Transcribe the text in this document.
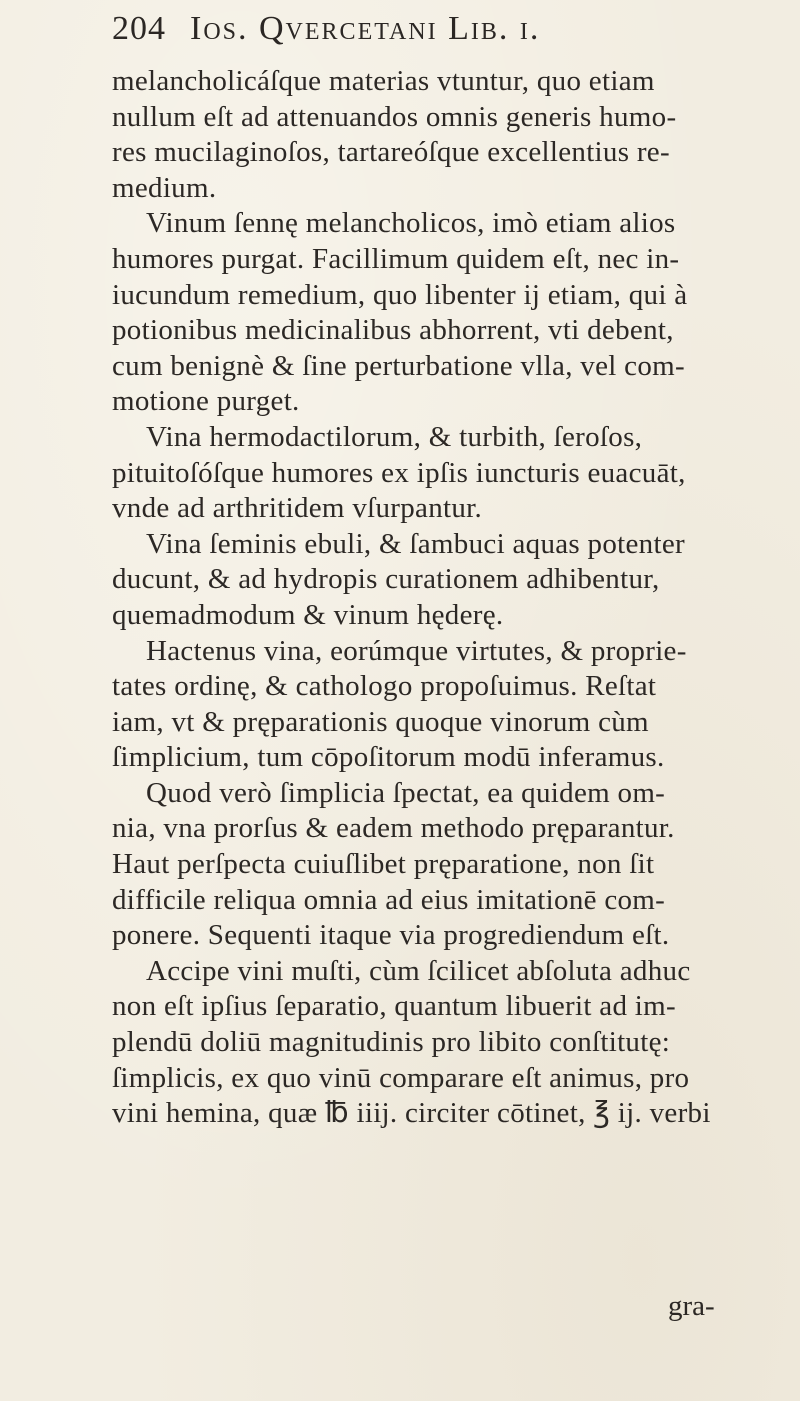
204 Ios. Qvercetani Lib. i.
melancholicáſque materias vtuntur, quo etiam
nullum eſt ad attenuandos omnis generis humo-
res mucilaginoſos, tartareóſque excellentius re-
medium.
Vinum ſennę melancholicos, imò etiam alios
humores purgat. Facillimum quidem eſt, nec in-
iucundum remedium, quo libenter ij etiam, qui à
potionibus medicinalibus abhorrent, vti debent,
cum benignè & ſine perturbatione vlla, vel com-
motione purget.
Vina hermodactilorum, & turbith, ſeroſos,
pituitoſóſque humores ex ipſis iuncturis euacuāt,
vnde ad arthritidem vſurpantur.
Vina ſeminis ebuli, & ſambuci aquas potenter
ducunt, & ad hydropis curationem adhibentur,
quemadmodum & vinum hęderę.
Hactenus vina, eorúmque virtutes, & proprie-
tates ordinę, & cathologo propoſuimus. Reſtat
iam, vt & pręparationis quoque vinorum cùm
ſimplicium, tum cōpoſitorum modū inferamus.
Quod verò ſimplicia ſpectat, ea quidem om-
nia, vna prorſus & eadem methodo pręparantur.
Haut perſpecta cuiuſlibet pręparatione, non ſit
difficile reliqua omnia ad eius imitationē com-
ponere. Sequenti itaque via progrediendum eſt.
Accipe vini muſti, cùm ſcilicet abſoluta adhuc
non eſt ipſius ſeparatio, quantum libuerit ad im-
plendū doliū magnitudinis pro libito conſtitutę:
ſimplicis, ex quo vinū comparare eſt animus, pro
vini hemina, quæ ℔ iiij. circiter cōtinet, ℥ ij. verbi
gra-
